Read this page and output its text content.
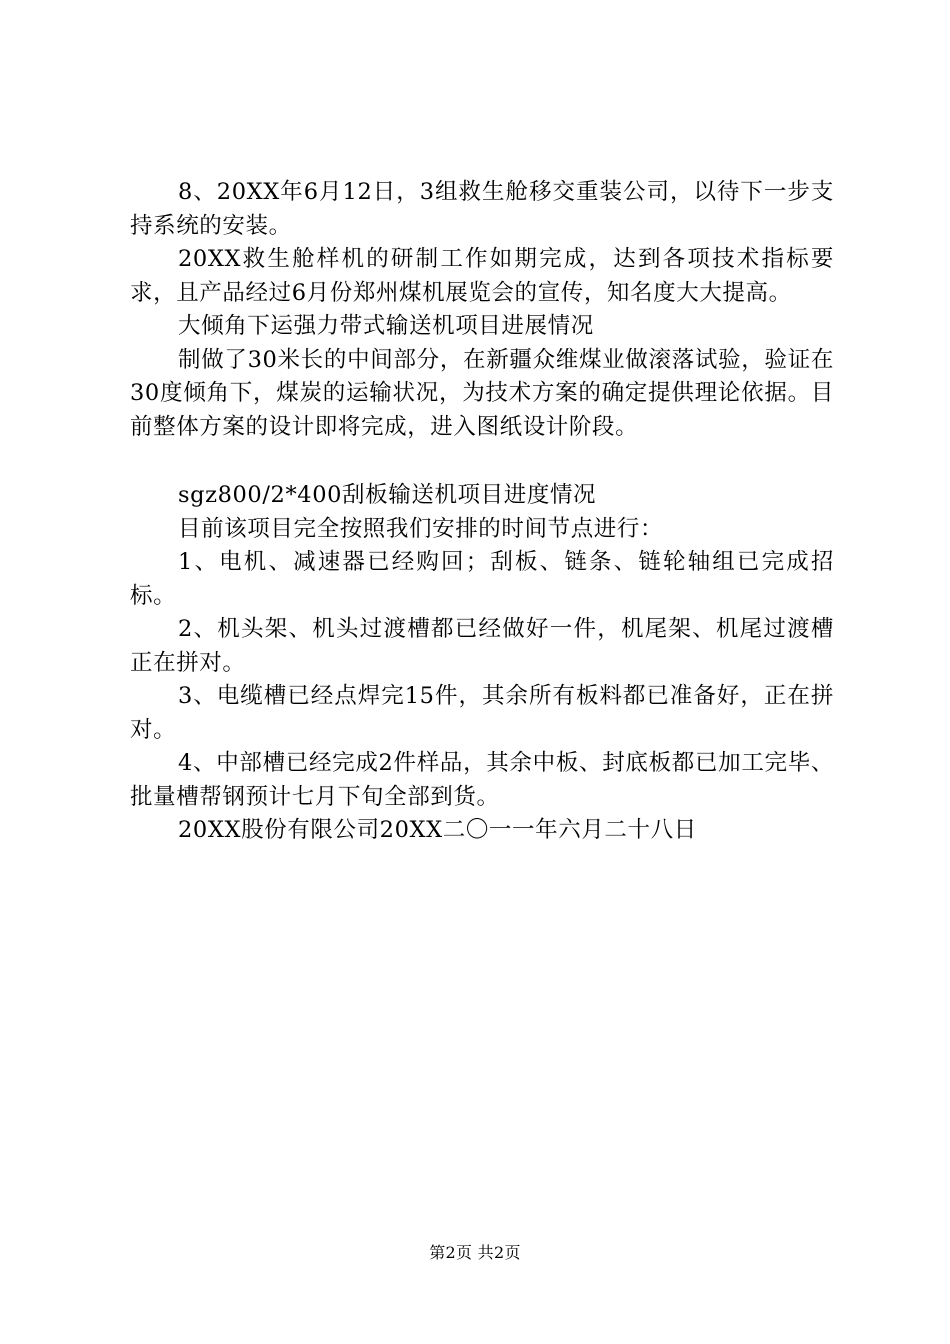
8、20XX年6月12日，3组救生舱移交重装公司，以待下一步支持系统的安装。

20XX救生舱样机的研制工作如期完成，达到各项技术指标要求，且产品经过6月份郑州煤机展览会的宣传，知名度大大提高。

大倾角下运强力带式输送机项目进展情况

制做了30米长的中间部分，在新疆众维煤业做滚落试验，验证在30度倾角下，煤炭的运输状况，为技术方案的确定提供理论依据。目前整体方案的设计即将完成，进入图纸设计阶段。

sgz800/2*400刮板输送机项目进度情况

目前该项目完全按照我们安排的时间节点进行：

1、电机、减速器已经购回；刮板、链条、链轮轴组已完成招标。

2、机头架、机头过渡槽都已经做好一件，机尾架、机尾过渡槽正在拼对。

3、电缆槽已经点焊完15件，其余所有板料都已准备好，正在拼对。

4、中部槽已经完成2件样品，其余中板、封底板都已加工完毕、批量槽帮钢预计七月下旬全部到货。

20XX股份有限公司20XX二〇一一年六月二十八日

第2页 共2页
